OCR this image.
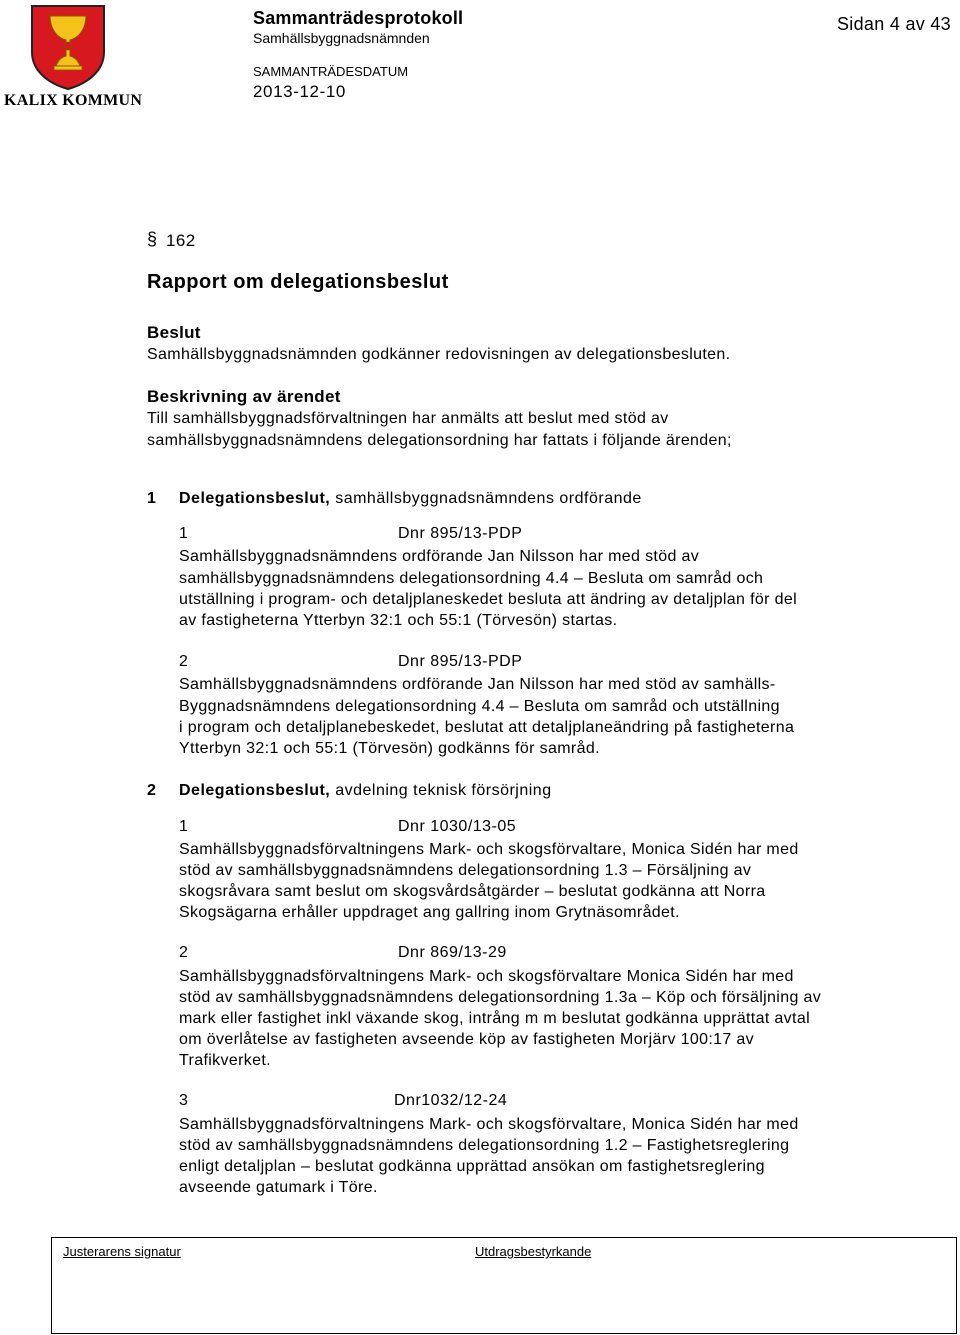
KALIX KOMMUN
Sammanträdesprotokoll
Samhällsbyggnadsnämnden
SAMMANTRÄDESDATUM
2013-12-10
Sidan 4 av 43
§ 162
Rapport om delegationsbeslut
Beslut
Samhällsbyggnadsnämnden godkänner redovisningen av delegationsbesluten.
Beskrivning av ärendet
Till samhällsbyggnadsförvaltningen har anmälts att beslut med stöd av
samhällsbyggnadsnämndens delegationsordning har fattats i följande ärenden;
1 Delegationsbeslut, samhällsbyggnadsnämndens ordförande
1	Dnr 895/13-PDP
Samhällsbyggnadsnämndens ordförande Jan Nilsson har med stöd av
samhällsbyggnadsnämndens delegationsordning 4.4 – Besluta om samråd och
utställning i program- och detaljplaneskedet besluta att ändring av detaljplan för del
av fastigheterna Ytterbyn 32:1 och 55:1 (Törvesön) startas.
2	Dnr 895/13-PDP
Samhällsbyggnadsnämndens ordförande Jan Nilsson har med stöd av samhälls-
Byggnadsnämndens delegationsordning 4.4 – Besluta om samråd och utställning
i program och detaljplanebeskedet, beslutat att detaljplaneändring på fastigheterna
Ytterbyn 32:1 och 55:1 (Törvesön) godkänns för samråd.
2 Delegationsbeslut, avdelning teknisk försörjning
1	Dnr 1030/13-05
Samhällsbyggnadsförvaltningens Mark- och skogsförvaltare, Monica Sidén har med
stöd av samhällsbyggnadsnämndens delegationsordning 1.3 – Försäljning av
skogsråvara samt beslut om skogsvårdsåtgärder – beslutat godkänna att Norra
Skogsägarna erhåller uppdraget ang gallring inom Grytnäsområdet.
2	Dnr 869/13-29
Samhällsbyggnadsförvaltningens Mark- och skogsförvaltare Monica Sidén har med
stöd av samhällsbyggnadsnämndens delegationsordning 1.3a – Köp och försäljning av
mark eller fastighet inkl växande skog, intrång m m beslutat godkänna upprättat avtal
om överlåtelse av fastigheten avseende köp av fastigheten Morjärv 100:17 av
Trafikverket.
3	Dnr1032/12-24
Samhällsbyggnadsförvaltningens Mark- och skogsförvaltare, Monica Sidén har med
stöd av samhällsbyggnadsnämndens delegationsordning 1.2 – Fastighetsreglering
enligt detaljplan – beslutat godkänna upprättad ansökan om fastighetsreglering
avseende gatumark i Töre.
Justerarens signatur	Utdragsbestyrkande
